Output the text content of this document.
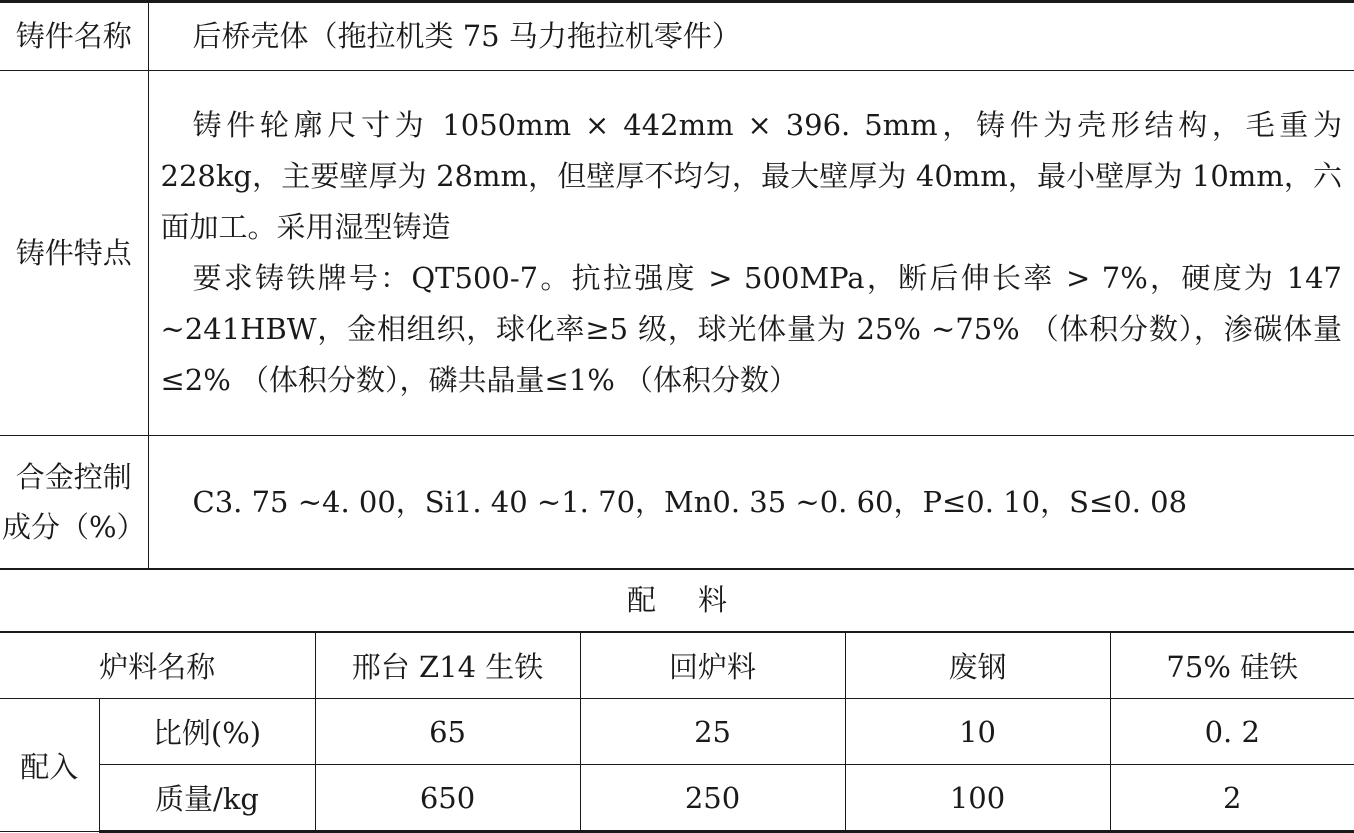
铸件名称	后桥壳体（拖拉机类 75 马力拖拉机零件）

铸件特点	铸件轮廓尺寸为 1050mm × 442mm × 396. 5mm，铸件为壳形结构，毛重为 228kg，主要壁厚为 28mm，但壁厚不均匀，最大壁厚为 40mm，最小壁厚为 10mm，六面加工。采用湿型铸造

要求铸铁牌号：QT500-7。抗拉强度 > 500MPa，断后伸长率 > 7%，硬度为 147 ~241HBW，金相组织，球化率≥5 级，球光体量为 25% ~75% （体积分数），渗碳体量≤2% （体积分数），磷共晶量≤1% （体积分数）

合金控制
成分（%）	C3. 75 ~4. 00，Si1. 40 ~1. 70，Mn0. 35 ~0. 60，P≤0. 10，S≤0. 08
配料
炉料名称		邢台 Z14 生铁	回炉料	废钢	75% 硅铁
配入	比例(%)	65	25	10	0. 2
	质量/kg	650	250	100	2
